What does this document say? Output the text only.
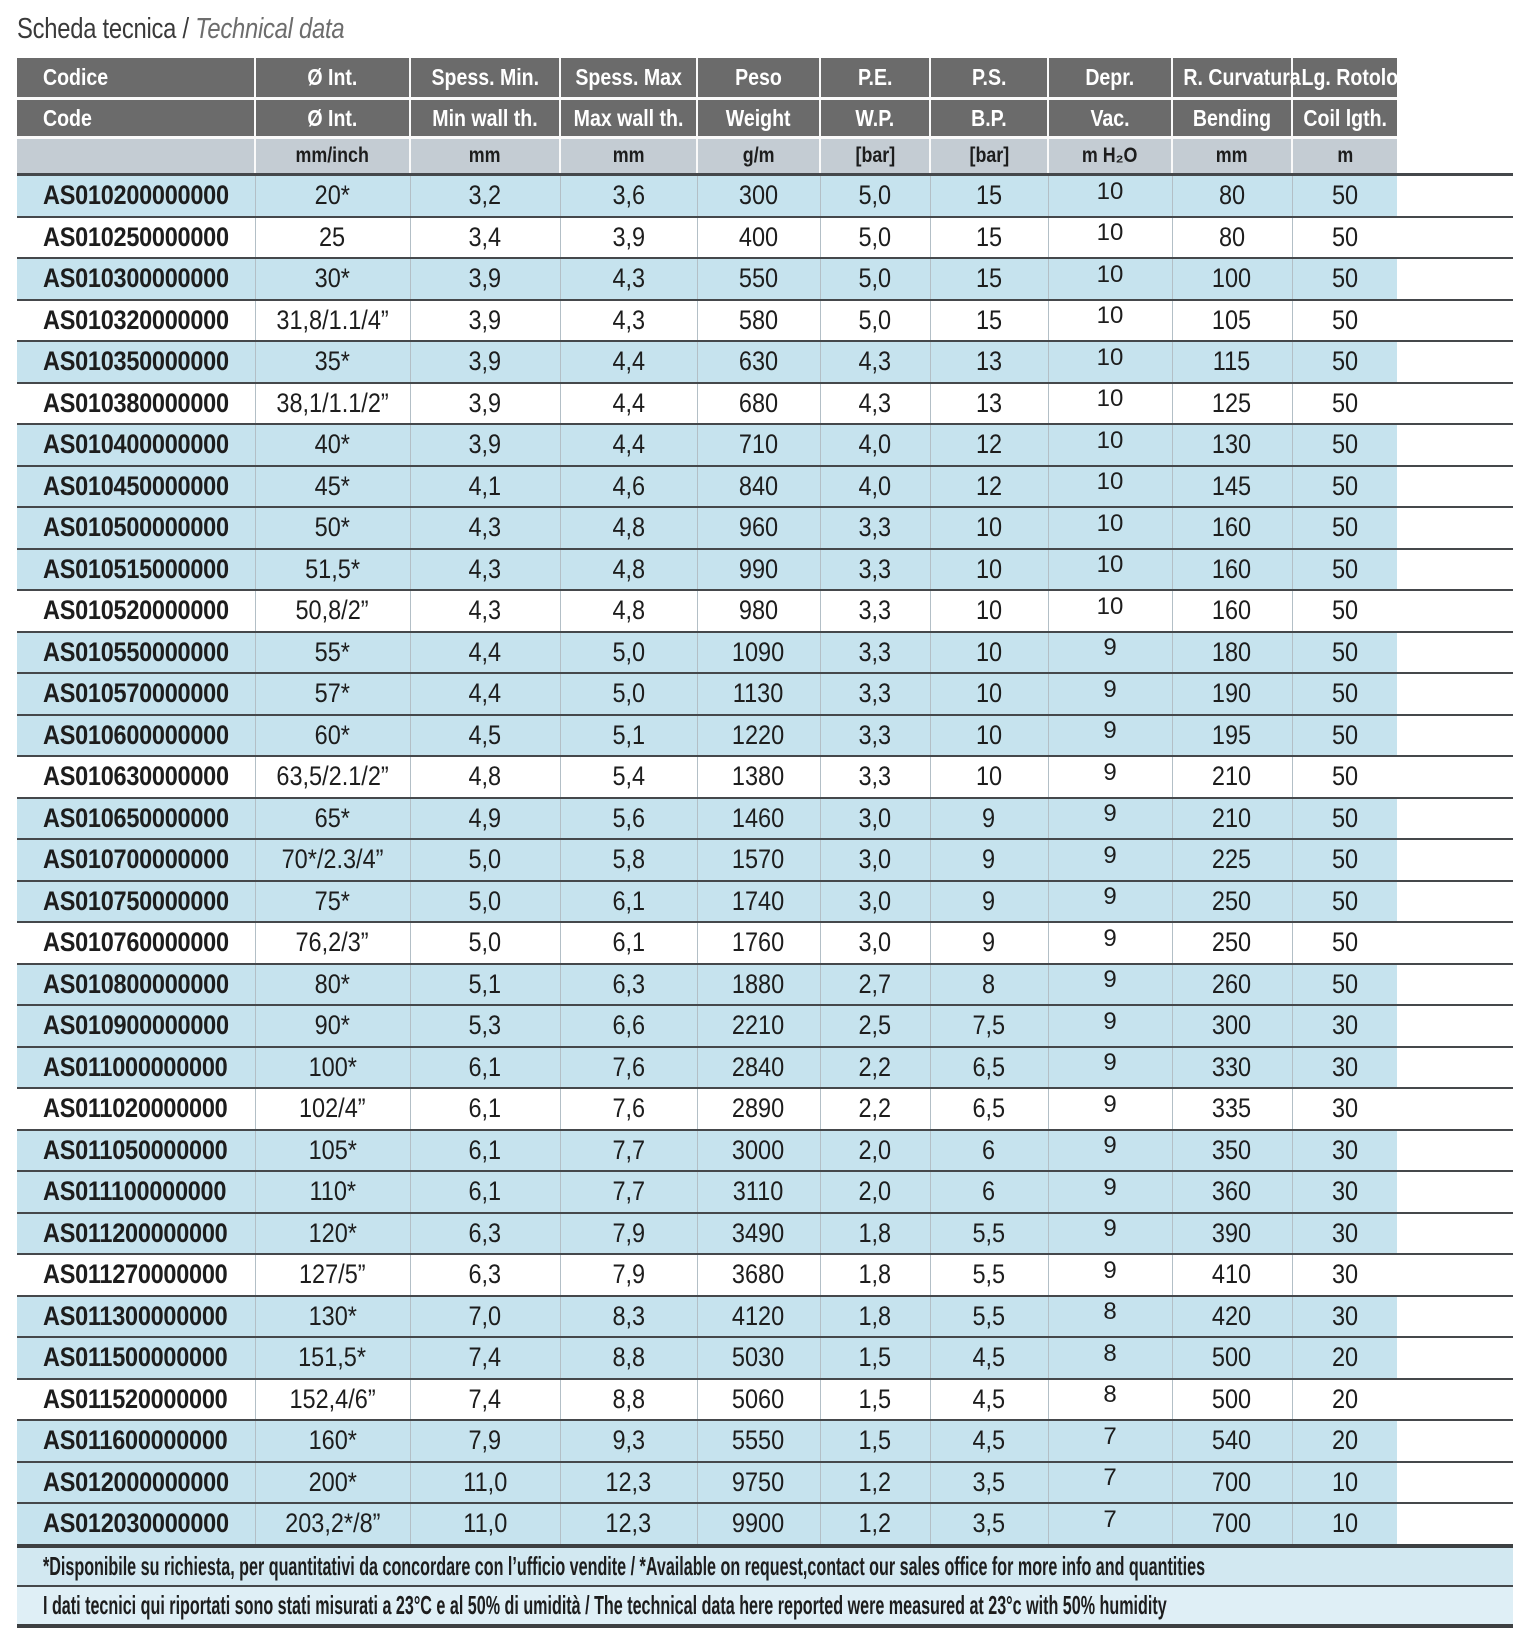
Scheda tecnica / Technical data
Codice	Ø Int.	Spess. Min.	Spess. Max	Peso	P.E.	P.S.	Depr.	R. Curvatura	Lg. Rotolo	
Code	Ø Int.	Min wall th.	Max wall th.	Weight	W.P.	B.P.	Vac.	Bending	Coil lgth.	
	mm/inch	mm	mm	g/m	[bar]	[bar]	m H₂O	mm	m	
AS010200000000	20*	3,2	3,6	300	5,0	15	10	80	50	
AS010250000000	25	3,4	3,9	400	5,0	15	10	80	50	
AS010300000000	30*	3,9	4,3	550	5,0	15	10	100	50	
AS010320000000	31,8/1.1/4”	3,9	4,3	580	5,0	15	10	105	50	
AS010350000000	35*	3,9	4,4	630	4,3	13	10	115	50	
AS010380000000	38,1/1.1/2”	3,9	4,4	680	4,3	13	10	125	50	
AS010400000000	40*	3,9	4,4	710	4,0	12	10	130	50	
AS010450000000	45*	4,1	4,6	840	4,0	12	10	145	50	
AS010500000000	50*	4,3	4,8	960	3,3	10	10	160	50	
AS010515000000	51,5*	4,3	4,8	990	3,3	10	10	160	50	
AS010520000000	50,8/2”	4,3	4,8	980	3,3	10	10	160	50	
AS010550000000	55*	4,4	5,0	1090	3,3	10	9	180	50	
AS010570000000	57*	4,4	5,0	1130	3,3	10	9	190	50	
AS010600000000	60*	4,5	5,1	1220	3,3	10	9	195	50	
AS010630000000	63,5/2.1/2”	4,8	5,4	1380	3,3	10	9	210	50	
AS010650000000	65*	4,9	5,6	1460	3,0	9	9	210	50	
AS010700000000	70*/2.3/4”	5,0	5,8	1570	3,0	9	9	225	50	
AS010750000000	75*	5,0	6,1	1740	3,0	9	9	250	50	
AS010760000000	76,2/3”	5,0	6,1	1760	3,0	9	9	250	50	
AS010800000000	80*	5,1	6,3	1880	2,7	8	9	260	50	
AS010900000000	90*	5,3	6,6	2210	2,5	7,5	9	300	30	
AS011000000000	100*	6,1	7,6	2840	2,2	6,5	9	330	30	
AS011020000000	102/4”	6,1	7,6	2890	2,2	6,5	9	335	30	
AS011050000000	105*	6,1	7,7	3000	2,0	6	9	350	30	
AS011100000000	110*	6,1	7,7	3110	2,0	6	9	360	30	
AS011200000000	120*	6,3	7,9	3490	1,8	5,5	9	390	30	
AS011270000000	127/5”	6,3	7,9	3680	1,8	5,5	9	410	30	
AS011300000000	130*	7,0	8,3	4120	1,8	5,5	8	420	30	
AS011500000000	151,5*	7,4	8,8	5030	1,5	4,5	8	500	20	
AS011520000000	152,4/6”	7,4	8,8	5060	1,5	4,5	8	500	20	
AS011600000000	160*	7,9	9,3	5550	1,5	4,5	7	540	20	
AS012000000000	200*	11,0	12,3	9750	1,2	3,5	7	700	10	
AS012030000000	203,2*/8”	11,0	12,3	9900	1,2	3,5	7	700	10	
*Disponibile su richiesta, per quantitativi da concordare con l’ufficio vendite / *Available on request,contact our sales office for more info and quantities										
I dati tecnici qui riportati sono stati misurati a 23°C e al 50% di umidità / The technical data here reported were measured at 23°c with 50% humidity										
